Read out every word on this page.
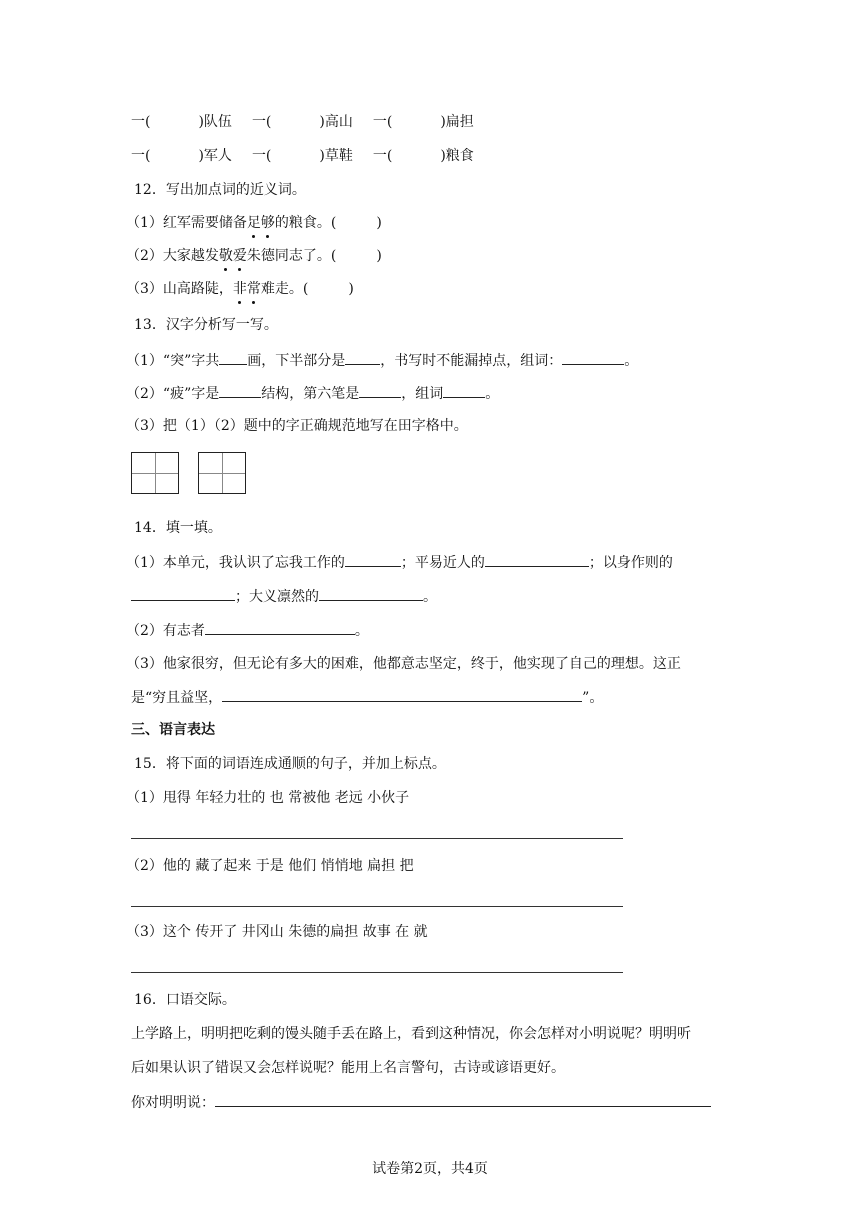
一(	)队伍 一(	)高山 一(	)扁担
一(	)军人 一(	)草鞋 一(	)粮食
12．写出加点词的近义词。
（1）红军需要储备足够的粮食。(	)
（2）大家越发敬爱朱德同志了。(	)
（3）山高路陡，非常难走。(	)
13．汉字分析写一写。
（1）“突”字共 画，下半部分是	，书写时不能漏掉点，组词：	。
（2）“疲”字是	结构，第六笔是	，组词	。
（3）把（1）（2）题中的字正确规范地写在田字格中。
14．填一填。
（1）本单元，我认识了忘我工作的	；平易近人的	；以身作则的
；大义凛然的	。
（2）有志者	。
（3）他家很穷，但无论有多大的困难，他都意志坚定，终于，他实现了自己的理想。这正
是“穷且益坚，	”。
三、语言表达
15．将下面的词语连成通顺的句子，并加上标点。
（1）甩得 年轻力壮的 也 常被他 老远 小伙子
（2）他的 藏了起来 于是 他们 悄悄地 扁担 把
（3）这个 传开了 井冈山 朱德的扁担 故事 在 就
16．口语交际。
上学路上，明明把吃剩的馒头随手丢在路上，看到这种情况，你会怎样对小明说呢？明明听
后如果认识了错误又会怎样说呢？能用上名言警句，古诗或谚语更好。
你对明明说：
试卷第2页，共4页
